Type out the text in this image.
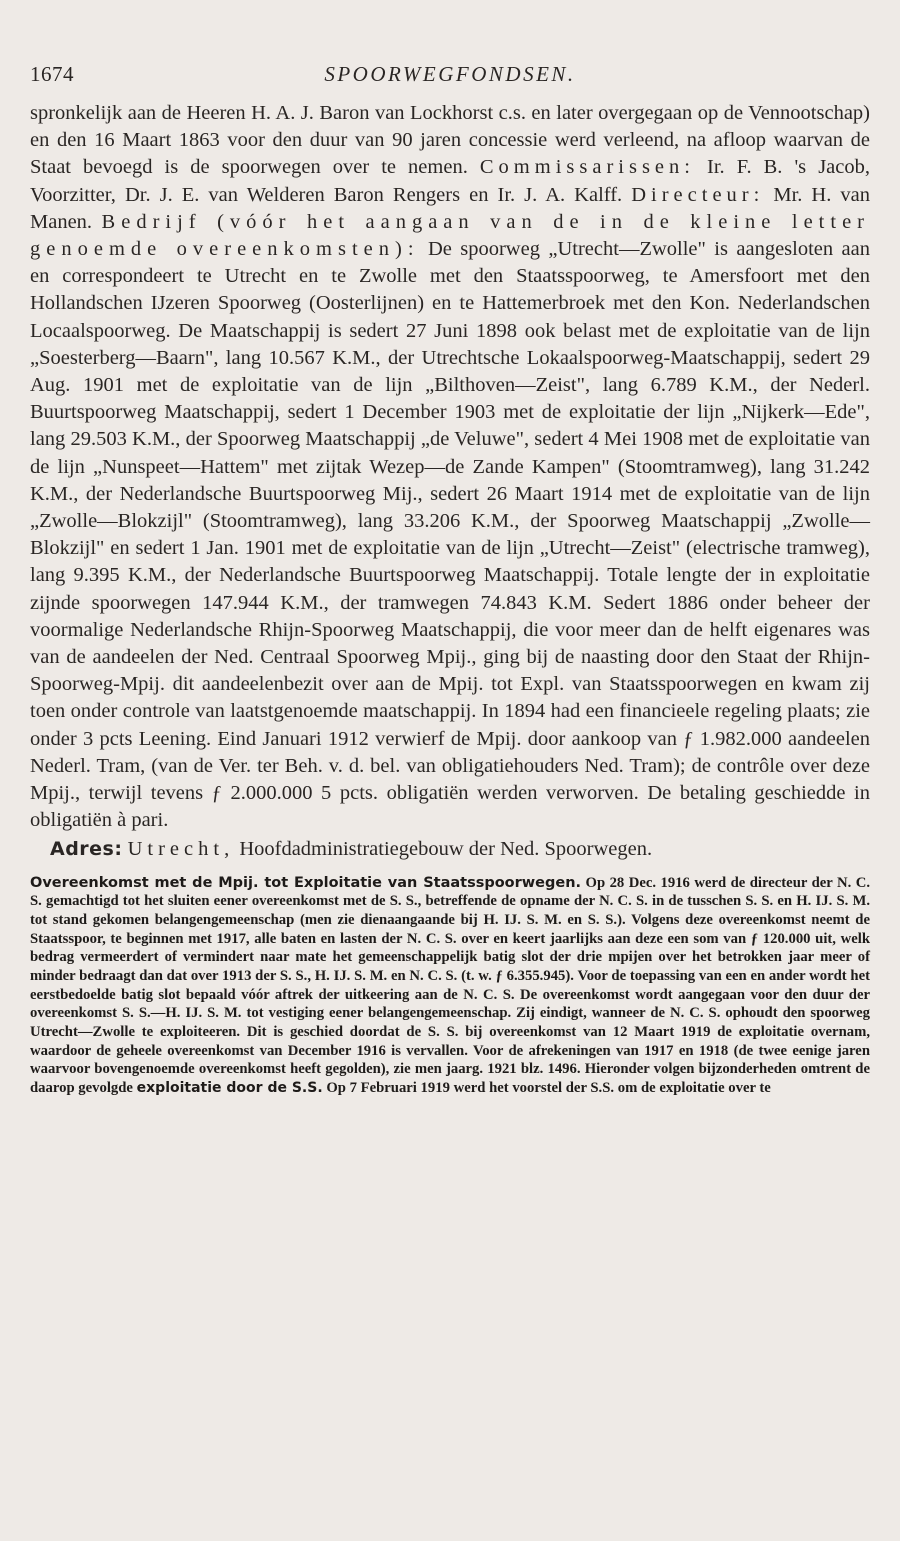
1674	SPOORWEGFONDSEN.

spronkelijk aan de Heeren H. A. J. Baron van Lockhorst c.s. en later overgegaan op de Vennootschap) en den 16 Maart 1863 voor den duur van 90 jaren concessie werd verleend, na afloop waarvan de Staat bevoegd is de spoorwegen over te nemen. Commissarissen: Ir. F. B. 's Jacob, Voorzitter, Dr. J. E. van Welderen Baron Rengers en Ir. J. A. Kalff. Directeur: Mr. H. van Manen. Bedrijf (vóór het aangaan van de in de kleine letter genoemde overeenkomsten): De spoorweg „Utrecht—Zwolle" is aangesloten aan en correspondeert te Utrecht en te Zwolle met den Staatsspoorweg, te Amersfoort met den Hollandschen IJzeren Spoorweg (Oosterlijnen) en te Hattemerbroek met den Kon. Nederlandschen Locaalspoorweg. De Maatschappij is sedert 27 Juni 1898 ook belast met de exploitatie van de lijn „Soesterberg—Baarn", lang 10.567 K.M., der Utrechtsche Lokaalspoorweg-Maatschappij, sedert 29 Aug. 1901 met de exploitatie van de lijn „Bilthoven—Zeist", lang 6.789 K.M., der Nederl. Buurtspoorweg Maatschappij, sedert 1 December 1903 met de exploitatie der lijn „Nijkerk—Ede", lang 29.503 K.M., der Spoorweg Maatschappij „de Veluwe", sedert 4 Mei 1908 met de exploitatie van de lijn „Nunspeet—Hattem" met zijtak Wezep—de Zande Kampen" (Stoomtramweg), lang 31.242 K.M., der Nederlandsche Buurtspoorweg Mij., sedert 26 Maart 1914 met de exploitatie van de lijn „Zwolle—Blokzijl" (Stoomtramweg), lang 33.206 K.M., der Spoorweg Maatschappij „Zwolle—Blokzijl" en sedert 1 Jan. 1901 met de exploitatie van de lijn „Utrecht—Zeist" (electrische tramweg), lang 9.395 K.M., der Nederlandsche Buurtspoorweg Maatschappij. Totale lengte der in exploitatie zijnde spoorwegen 147.944 K.M., der tramwegen 74.843 K.M. Sedert 1886 onder beheer der voormalige Nederlandsche Rhijn-Spoorweg Maatschappij, die voor meer dan de helft eigenares was van de aandeelen der Ned. Centraal Spoorweg Mpij., ging bij de naasting door den Staat der Rhijn-Spoorweg-Mpij. dit aandeelenbezit over aan de Mpij. tot Expl. van Staatsspoorwegen en kwam zij toen onder controle van laatstgenoemde maatschappij. In 1894 had een financieele regeling plaats; zie onder 3 pcts Leening. Eind Januari 1912 verwierf de Mpij. door aankoop van ƒ 1.982.000 aandeelen Nederl. Tram, (van de Ver. ter Beh. v. d. bel. van obligatiehouders Ned. Tram); de contrôle over deze Mpij., terwijl tevens ƒ 2.000.000 5 pcts. obligatiën werden verworven. De betaling geschiedde in obligatiën à pari.

Adres: Utrecht, Hoofdadministratiegebouw der Ned. Spoorwegen.

Overeenkomst met de Mpij. tot Exploitatie van Staatsspoorwegen. Op 28 Dec. 1916 werd de directeur der N. C. S. gemachtigd tot het sluiten eener overeenkomst met de S. S., betreffende de opname der N. C. S. in de tusschen S. S. en H. IJ. S. M. tot stand gekomen belangengemeenschap (men zie dienaangaande bij H. IJ. S. M. en S. S.). Volgens deze overeenkomst neemt de Staatsspoor, te beginnen met 1917, alle baten en lasten der N. C. S. over en keert jaarlijks aan deze een som van ƒ 120.000 uit, welk bedrag vermeerdert of vermindert naar mate het gemeenschappelijk batig slot der drie mpijen over het betrokken jaar meer of minder bedraagt dan dat over 1913 der S. S., H. IJ. S. M. en N. C. S. (t. w. ƒ 6.355.945). Voor de toepassing van een en ander wordt het eerstbedoelde batig slot bepaald vóór aftrek der uitkeering aan de N. C. S. De overeenkomst wordt aangegaan voor den duur der overeenkomst S. S.—H. IJ. S. M. tot vestiging eener belangengemeenschap. Zij eindigt, wanneer de N. C. S. ophoudt den spoorweg Utrecht—Zwolle te exploiteeren. Dit is geschied doordat de S. S. bij overeenkomst van 12 Maart 1919 de exploitatie overnam, waardoor de geheele overeenkomst van December 1916 is vervallen. Voor de afrekeningen van 1917 en 1918 (de twee eenige jaren waarvoor bovengenoemde overeenkomst heeft gegolden), zie men jaarg. 1921 blz. 1496. Hieronder volgen bijzonderheden omtrent de daarop gevolgde exploitatie door de S.S. Op 7 Februari 1919 werd het voorstel der S.S. om de exploitatie over te
